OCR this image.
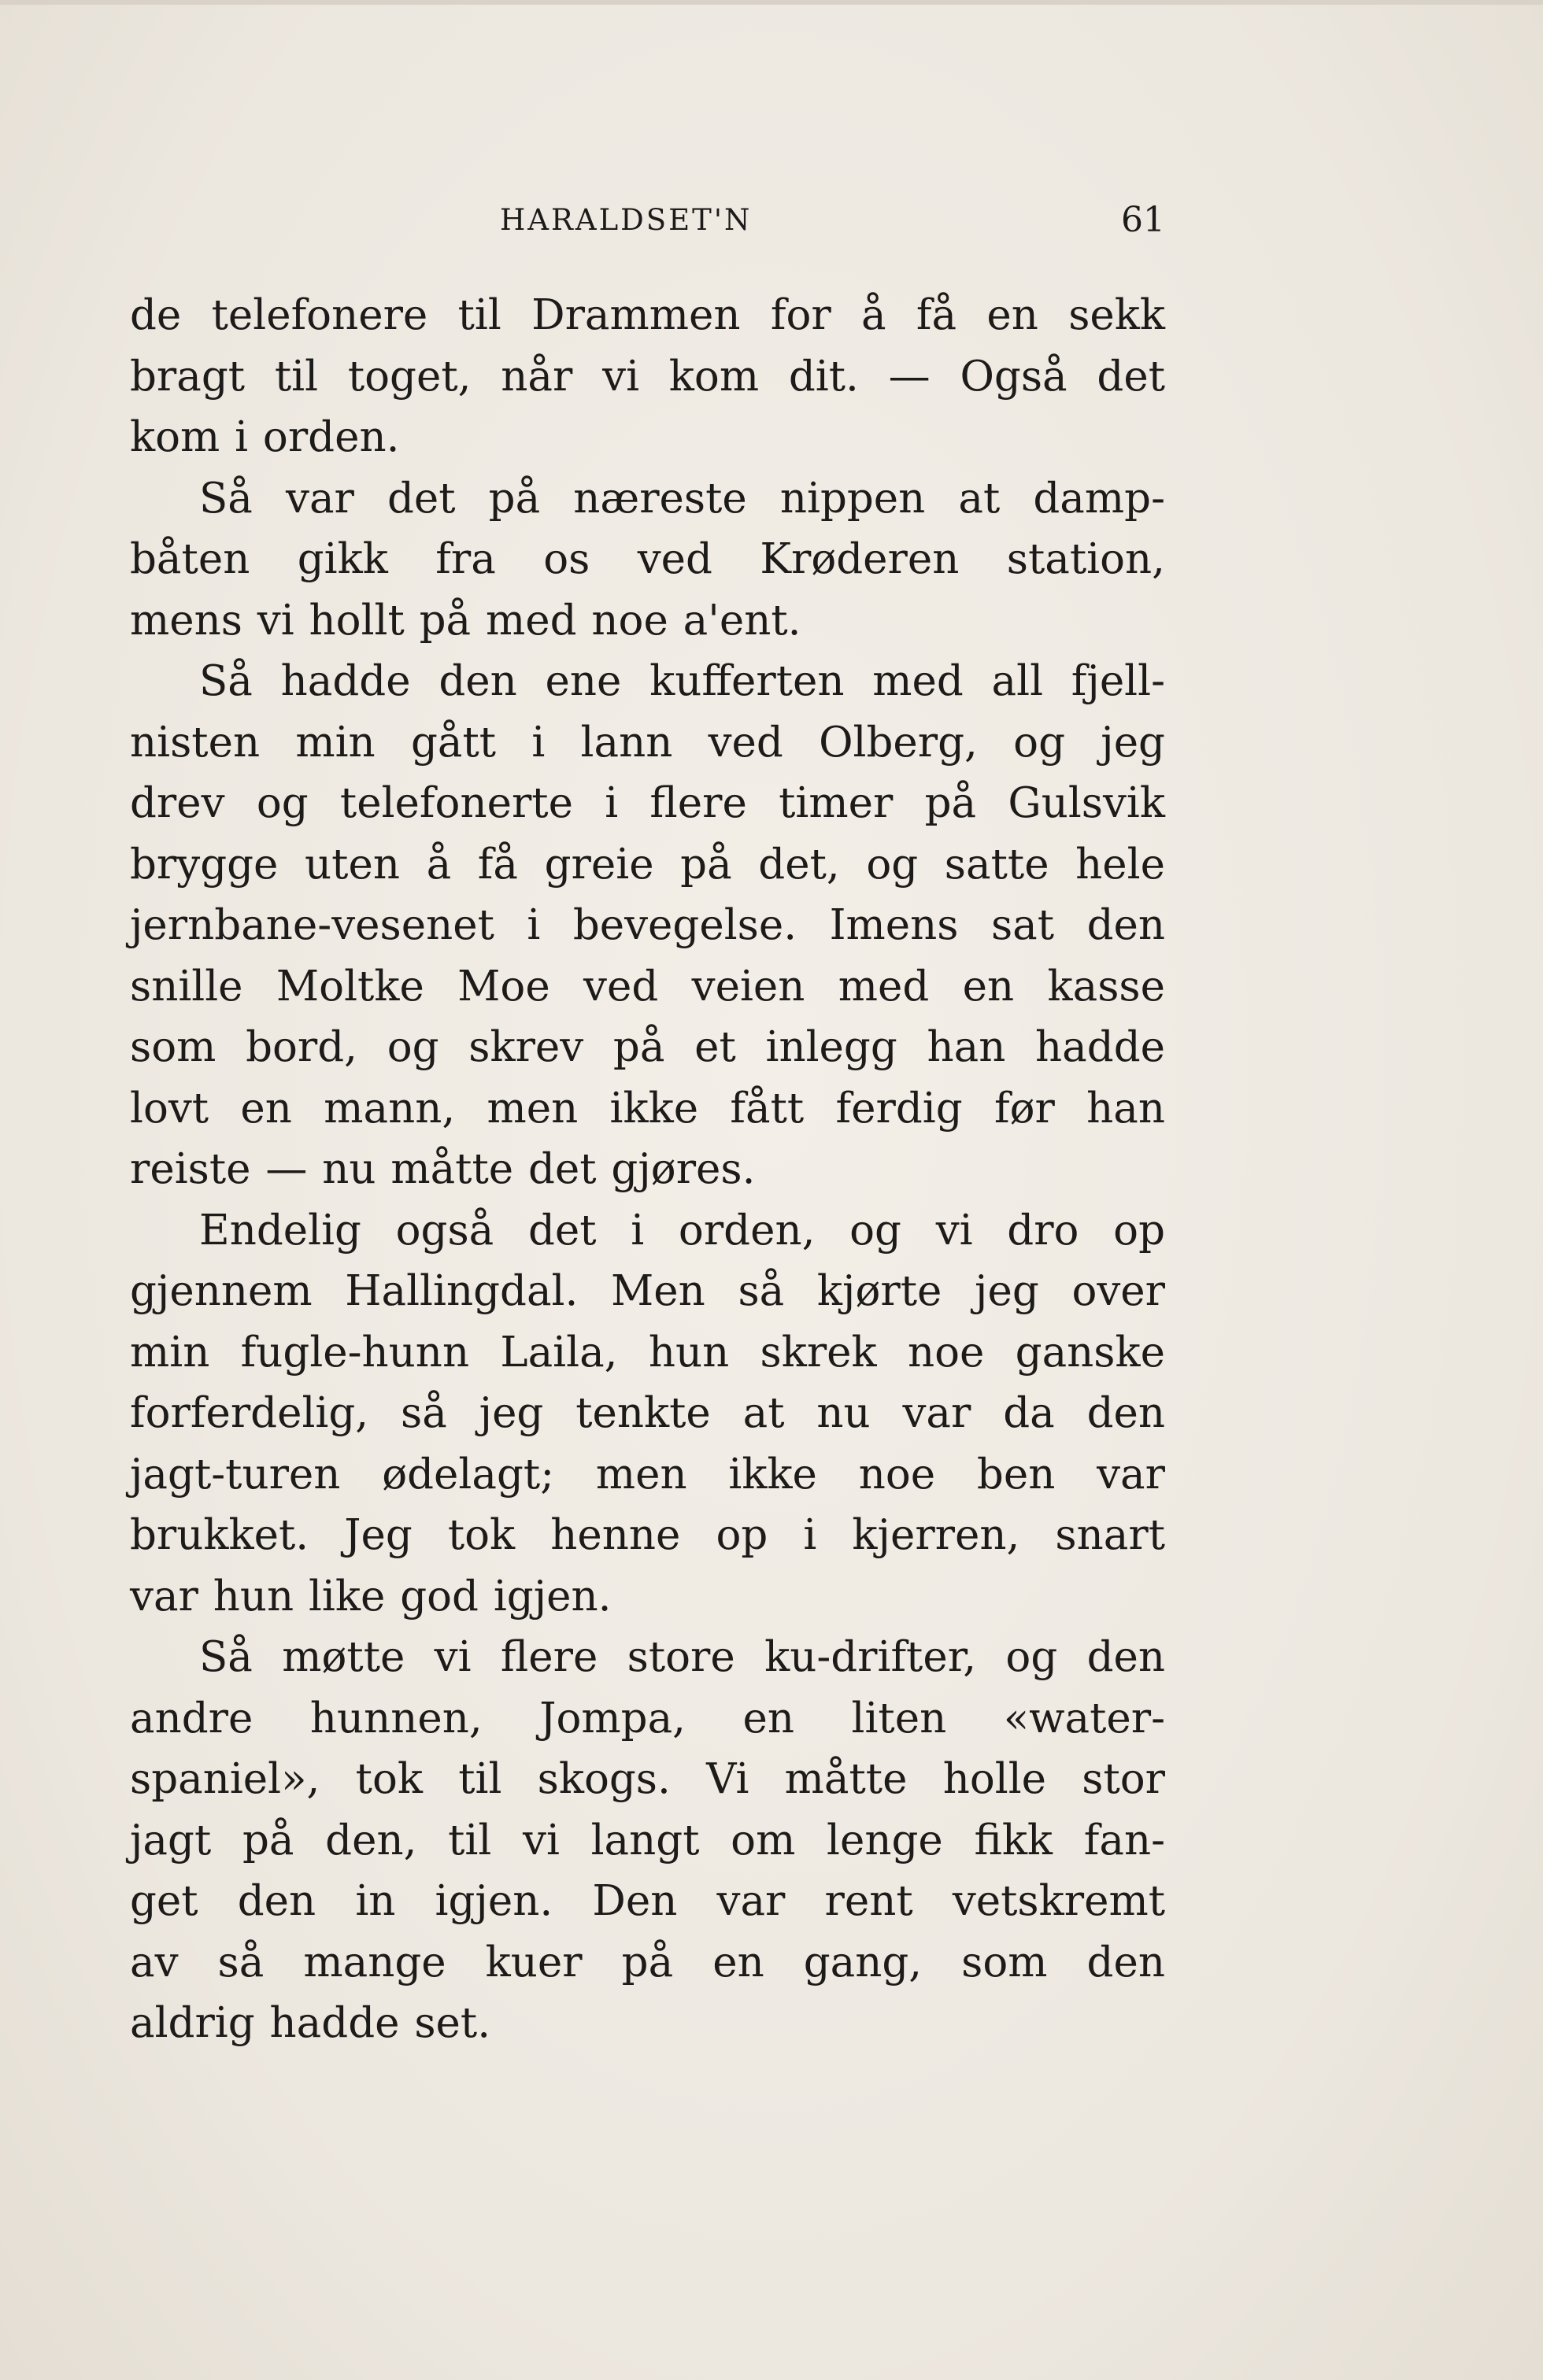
HARALDSET'N	61

de telefonere til Drammen for å få en sekk
bragt til toget, når vi kom dit. — Også det
kom i orden.

Så var det på næreste nippen at damp-
båten gikk fra os ved Krøderen station,
mens vi hollt på med noe a'ent.

Så hadde den ene kufferten med all fjell-
nisten min gått i lann ved Olberg, og jeg
drev og telefonerte i flere timer på Gulsvik
brygge uten å få greie på det, og satte hele
jernbane-vesenet i bevegelse. Imens sat den
snille Moltke Moe ved veien med en kasse
som bord, og skrev på et inlegg han hadde
lovt en mann, men ikke fått ferdig før han
reiste — nu måtte det gjøres.

Endelig også det i orden, og vi dro op
gjennem Hallingdal. Men så kjørte jeg over
min fugle-hunn Laila, hun skrek noe ganske
forferdelig, så jeg tenkte at nu var da den
jagt-turen ødelagt; men ikke noe ben var
brukket. Jeg tok henne op i kjerren, snart
var hun like god igjen.

Så møtte vi flere store ku-drifter, og den
andre hunnen, Jompa, en liten «water-
spaniel», tok til skogs. Vi måtte holle stor
jagt på den, til vi langt om lenge fikk fan-
get den in igjen. Den var rent vetskremt
av så mange kuer på en gang, som den
aldrig hadde set.
